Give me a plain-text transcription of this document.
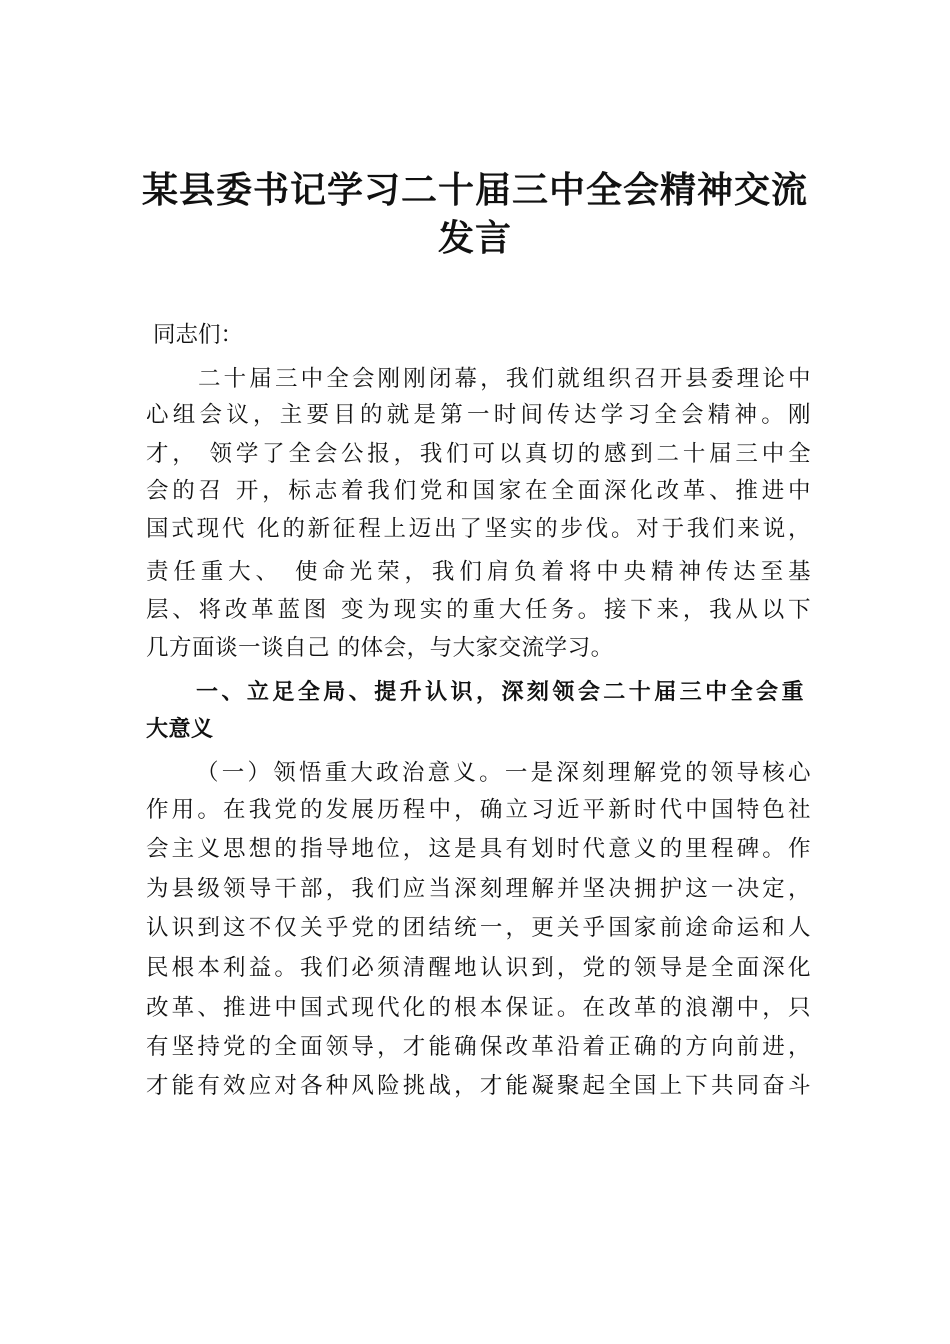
某县委书记学习二十届三中全会精神交流
发言
同志们：
二十届三中全会刚刚闭幕，我们就组织召开县委理论中
心组会议，主要目的就是第一时间传达学习全会精神。刚
才， 领学了全会公报，我们可以真切的感到二十届三中全
会的召 开，标志着我们党和国家在全面深化改革、推进中
国式现代 化的新征程上迈出了坚实的步伐。对于我们来说，
责任重大、 使命光荣，我们肩负着将中央精神传达至基
层、将改革蓝图 变为现实的重大任务。接下来，我从以下
几方面谈一谈自己 的体会，与大家交流学习。
一、立足全局、提升认识，深刻领会二十届三中全会重
大意义
（一）领悟重大政治意义。一是深刻理解党的领导核心
作用。在我党的发展历程中，确立习近平新时代中国特色社
会主义思想的指导地位，这是具有划时代意义的里程碑。作
为县级领导干部，我们应当深刻理解并坚决拥护这一决定，
认识到这不仅关乎党的团结统一，更关乎国家前途命运和人
民根本利益。我们必须清醒地认识到，党的领导是全面深化
改革、推进中国式现代化的根本保证。在改革的浪潮中，只
有坚持党的全面领导，才能确保改革沿着正确的方向前进，
才能有效应对各种风险挑战，才能凝聚起全国上下共同奋斗
